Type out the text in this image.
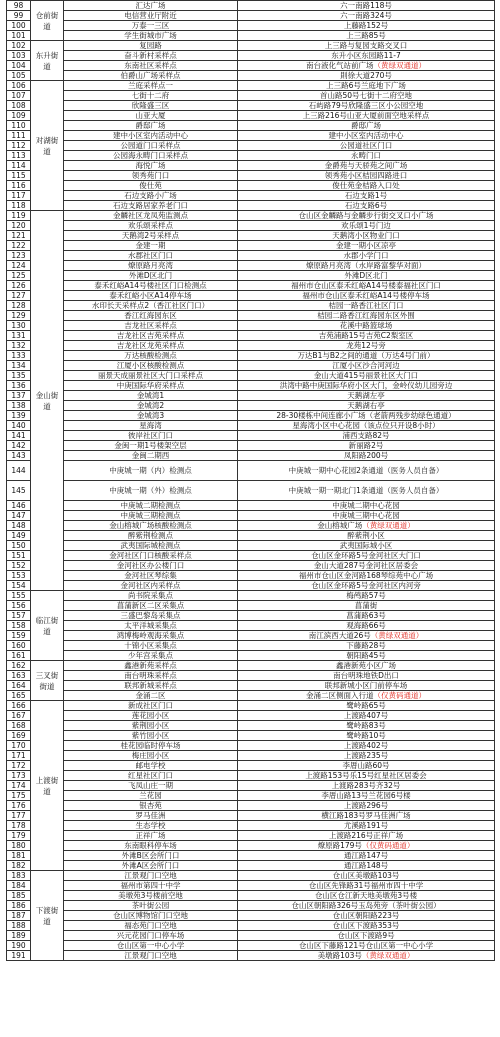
98	仓前街道	汇达广场	六一南路118号
99		电信营业厅附近	六一南路324号
100		万泰一三区	上藤路152号
101		学生街城市广场	上三路85号
102	东升街道	复园路	上三路与复园支路交叉口
103		奋斗新村采样点	东升小区东园路11-7
104		东南社区采样点	南台液化气站前广场（黄绿双通道）
105		伯爵山广场采样点	則徐大道270号
106	对湖街道	兰庭采样点一	上三路6号兰庭地下广场
107		七街十二府	首山路50号七街十二府空地
108		欣隆盛三区	石屿路79号欣隆盛三区小公园空地
109		山亚大厦	上三路216号山亚大厦前面空地采样点
110		爵邸广场	爵邸广场
111		建中小区室内活动中心	建中小区室内活动中心
112		公园道门口采样点	公园道社区门口
113		公园海永畴门口采样点	永畴门口
114		海悦广场	金爵苑与天骄苑之间广场
115		领秀苑门口	领秀苑小区桔园四路进口
116		俊仕苑	俊仕苑金桔路入口处
117		石边支路小广场	石边支路1号
118		石边支路居家养老门口	石边支路6号
119	金山街道	金麟社区龙凤苑监测点	仓山区金麟路与金麟步行街交叉口小广场
120		欢乐颂采样点	欢乐颂1号门边
121		天鹅湾2号采样点	天鹅湾小区物业门口
122		金建一期	金建一期小区凉亭
123		水郡社区门口	水郡小学门口
124		燎原路月亮湾	燎原路月亮湾（水岸路富黎华对面）
125		外滩D区北门	外滩D区北门
126		泰禾红峪A14号楼社区门口检测点	福州市仓山区泰禾红峪A14号楼泰福社区门口
127		泰禾红峪小区A14停车场	福州市仓山区泰禾红峪A14号楼停车场
128		水印长天采样点2（香江社区门口）	桔园一路香江社区门口
129		香江红海园东区	桔园二路香江红海园东区外围
130		吉龙社区采样点	花溪中路篮球场
131		吉龙社区吉苑采样点	吉苑浦路15号吉苑C2梨室区
132		吉龙社区龙苑采样点	龙苑12号旁
133		万达核酸检测点	万达B1与B2之间的通道（万达4号门前）
134		江厦小区核酸检测点	江厦小区沙合河河边
135		丽景天成丽景社区大门口采样点	金山大道415号丽景社区大门口
136		中庚国际华府采样点	洪湾中路中庚国际华府小区大门，金岭仪幼儿园旁边
137		金城湾1	天鹅湖左亭
138		金城湾2	天鹅湖右亭
139		金城湾3	28-30楼栋中间连廊小广场（老箭两残步幼绿色通道）
140		星海湾	星海湾小区中心花园（该点位只开设8小时）
141		彼岸社区门口	浦西支路82号
142		金闽一期1号楼架空层	新丽路2号
143		金闽二期西	凤阳路200号
144		中庚城一期（内）检测点	中庚城一期中心花园2条通道（医务人员自备）
145		中庚城一期（外）检测点	中庚城一期一期北门1条通道（医务人员自备）
146		中庚城二期检测点	中庚城二期中心花园
147		中庚城三期检测点	中庚城三期中心花园
148		金山榕城广场核酸检测点	金山榕城广场（黄绿双通道）
149		醉紫荆检测点	醉紫荆小区
150		武夷国际城检测点	武夷国际城小区
151		金河社区门口核酸采样点	仓山区金环路5号金河社区大门口
152		金河社区办公楼门口	金山大道287号金河社区居委会
153		金河社区琴综集	福州市仓山区金河路168琴综苑中心广场
154		金河社区内采样点	仓山区金环路5号金河社区内河旁
155	临江街道	尚书院采集点	梅鸬路57号
156		菖蒲新区二区采集点	菖蒲街
157		三盛巴黎岛采集点	菖蒲路63号
158		太平洋城采集点	观海路66号
159		鸿博梅岭观海采集点	南江滨西大道26号（黄绿双通道）
160		十锦小区采集点	下藤路28号
161		少年宫采集点	朝阳路45号
162	三叉街街道	鑫港新苑采样点	鑫港新苑小区广场
163		南台明珠采样点	南台明珠地铁D出口
164		联邦新城采样点	联邦新城小区门前停车场
165		金涌二区	金涌二区侧面入行道（仅黄码通道）
166	上渡街道	新成社区门口	鹭岭路65号
167		莲花园小区	上渡路407号
168		紫荆园小区	鹭岭路83号
169		紫竹园小区	鹭岭路10号
170		桂花园临时停车场	上渡路402号
171		梅庄园小区	上渡路235号
172		邮电学校	李厝山路60号
173		红星社区门口	上渡路153号乐15号红星社区居委会
174		飞凤山庄一期	上渡路283号齐32号
175		兰花园	李厝山路13号兰花园6号楼
176		银杏苑	上渡路296号
177		罗马佳洲	横江路183号罗马佳洲广场
178		生态学校	尤溪路191号
179		正祥广场	上渡路216号正祥广场
180		东南眼科停车场	燎原路179号（仅黄码通道）
181		外滩B区会所门口	通江路147号
182		外滩A区会所门口	通江路148号
183	下渡街道	江景观门口空地	仓山区美墩路103号
184		福州市第四十中学	仓山区先锋路31号福州市四十中学
185		美墩苑3号楼前空地	仓山区仓江新天地美墩苑3号楼
186		茶叶街公园	仓山区朝阳路326号玉岛苑旁（茶叶街公园）
187		仓山区博物馆门口空地	仓山区朝阳路223号
188		福态苑门口空地	仓山区下渡路353号
189		兴元花园门口停车场	仓山区下渡路9号
190		仓山区第一中心小学	仓山区下藤路121号仓山区第一中心小学
191		江景观门口空地	美墩路103号（黄绿双通道）
